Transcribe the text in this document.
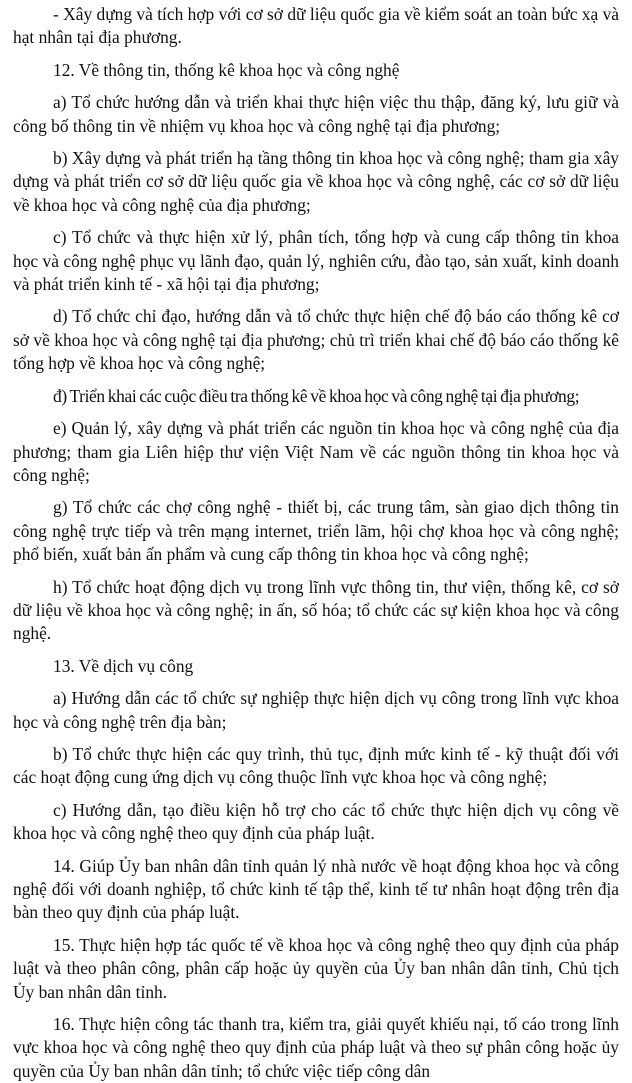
- Xây dựng và tích hợp với cơ sở dữ liệu quốc gia về kiểm soát an toàn bức xạ và hạt nhân tại địa phương.

12. Về thông tin, thống kê khoa học và công nghệ

a) Tổ chức hướng dẫn và triển khai thực hiện việc thu thập, đăng ký, lưu giữ và công bố thông tin về nhiệm vụ khoa học và công nghệ tại địa phương;

b) Xây dựng và phát triển hạ tầng thông tin khoa học và công nghệ; tham gia xây dựng và phát triển cơ sở dữ liệu quốc gia về khoa học và công nghệ, các cơ sở dữ liệu về khoa học và công nghệ của địa phương;

c) Tổ chức và thực hiện xử lý, phân tích, tổng hợp và cung cấp thông tin khoa học và công nghệ phục vụ lãnh đạo, quản lý, nghiên cứu, đào tạo, sản xuất, kinh doanh và phát triển kinh tế - xã hội tại địa phương;

d) Tổ chức chỉ đạo, hướng dẫn và tổ chức thực hiện chế độ báo cáo thống kê cơ sở về khoa học và công nghệ tại địa phương; chủ trì triển khai chế độ báo cáo thống kê tổng hợp về khoa học và công nghệ;

đ) Triển khai các cuộc điều tra thống kê về khoa học và công nghệ tại địa phương;

e) Quản lý, xây dựng và phát triển các nguồn tin khoa học và công nghệ của địa phương; tham gia Liên hiệp thư viện Việt Nam về các nguồn thông tin khoa học và công nghệ;

g) Tổ chức các chợ công nghệ - thiết bị, các trung tâm, sàn giao dịch thông tin công nghệ trực tiếp và trên mạng internet, triển lãm, hội chợ khoa học và công nghệ; phổ biến, xuất bản ấn phẩm và cung cấp thông tin khoa học và công nghệ;

h) Tổ chức hoạt động dịch vụ trong lĩnh vực thông tin, thư viện, thống kê, cơ sở dữ liệu về khoa học và công nghệ; in ấn, số hóa; tổ chức các sự kiện khoa học và công nghệ.

13. Về dịch vụ công

a) Hướng dẫn các tổ chức sự nghiệp thực hiện dịch vụ công trong lĩnh vực khoa học và công nghệ trên địa bàn;

b) Tổ chức thực hiện các quy trình, thủ tục, định mức kinh tế - kỹ thuật đối với các hoạt động cung ứng dịch vụ công thuộc lĩnh vực khoa học và công nghệ;

c) Hướng dẫn, tạo điều kiện hỗ trợ cho các tổ chức thực hiện dịch vụ công về khoa học và công nghệ theo quy định của pháp luật.

14. Giúp Ủy ban nhân dân tỉnh quản lý nhà nước về hoạt động khoa học và công nghệ đối với doanh nghiệp, tổ chức kinh tế tập thể, kinh tế tư nhân hoạt động trên địa bàn theo quy định của pháp luật.

15. Thực hiện hợp tác quốc tế về khoa học và công nghệ theo quy định của pháp luật và theo phân công, phân cấp hoặc ủy quyền của Ủy ban nhân dân tỉnh, Chủ tịch Ủy ban nhân dân tỉnh.

16. Thực hiện công tác thanh tra, kiểm tra, giải quyết khiếu nại, tố cáo trong lĩnh vực khoa học và công nghệ theo quy định của pháp luật và theo sự phân công hoặc ủy quyền của Ủy ban nhân dân tỉnh; tổ chức việc tiếp công dân
